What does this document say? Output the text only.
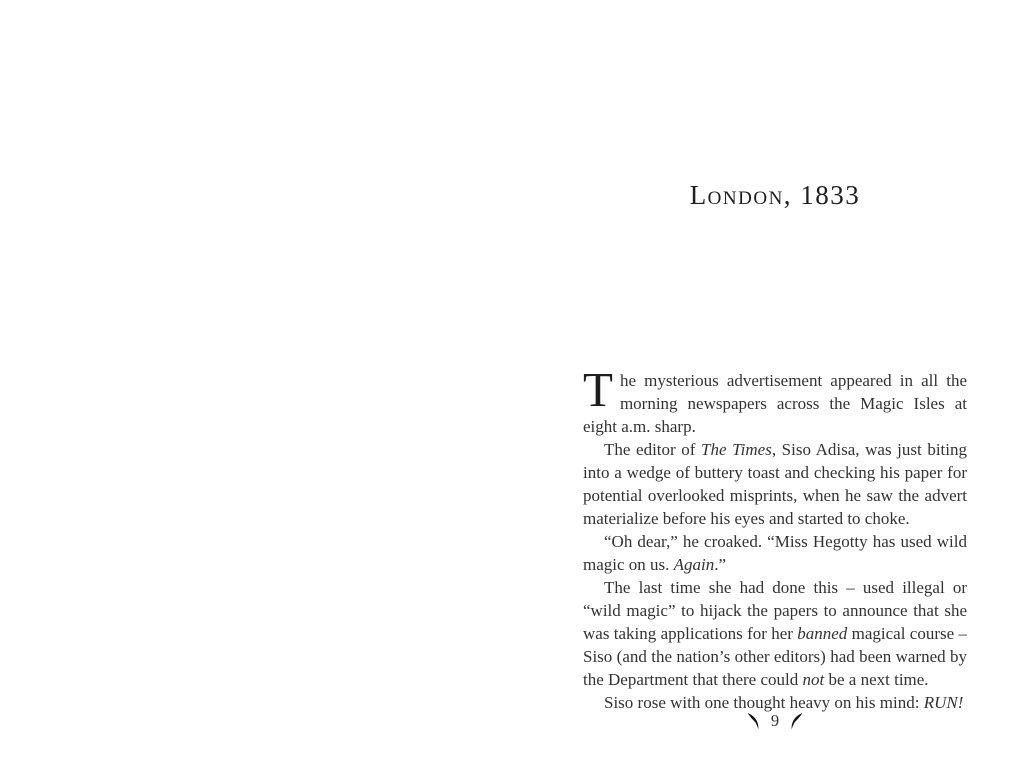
London, 1833

The mysterious advertisement appeared in all the morning newspapers across the Magic Isles at eight a.m. sharp.

The editor of The Times, Siso Adisa, was just biting into a wedge of buttery toast and checking his paper for potential overlooked misprints, when he saw the advert materialize before his eyes and started to choke.

“Oh dear,” he croaked. “Miss Hegotty has used wild magic on us. Again.”

The last time she had done this – used illegal or “wild magic” to hijack the papers to announce that she was taking applications for her banned magical course – Siso (and the nation’s other editors) had been warned by the Department that there could not be a next time.

Siso rose with one thought heavy on his mind: RUN!

9
